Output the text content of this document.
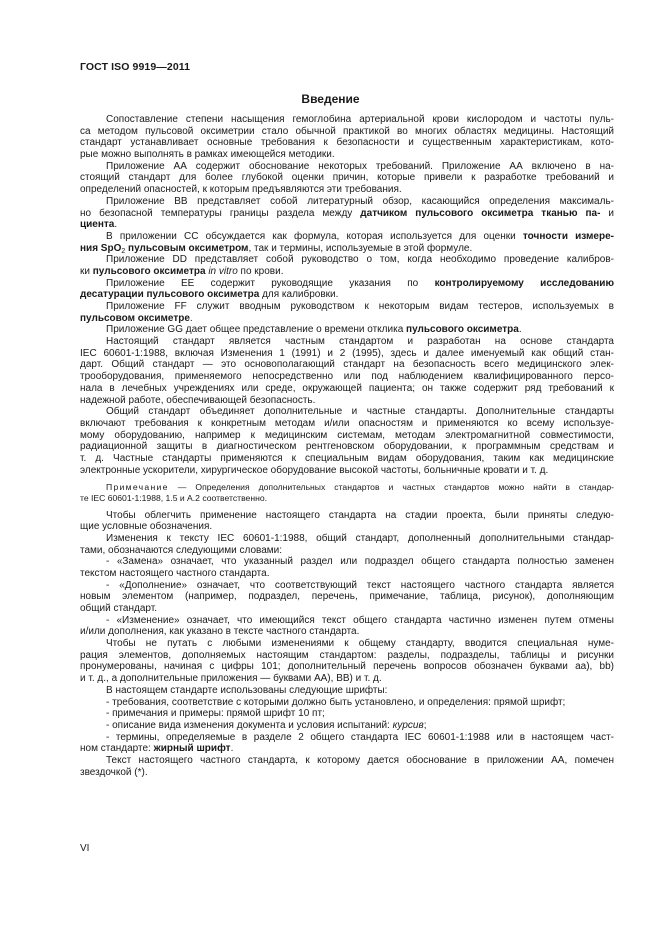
ГОСТ ISO 9919—2011
Введение
Сопоставление степени насыщения гемоглобина артериальной крови кислородом и частоты пуль-
са методом пульсовой оксиметрии стало обычной практикой во многих областях медицины. Настоящий
стандарт устанавливает основные требования к безопасности и существенным характеристикам, кото-
рые можно выполнять в рамках имеющейся методики.
Приложение АА содержит обоснование некоторых требований. Приложение АА включено в на-
стоящий стандарт для более глубокой оценки причин, которые привели к разработке требований и
определений опасностей, к которым предъявляются эти требования.
Приложение ВВ представляет собой литературный обзор, касающийся определения максималь-
но безопасной температуры границы раздела между датчиком пульсового оксиметра тканью па- и
циента.
В приложении СС обсуждается как формула, которая используется для оценки точности измере-
ния SpO$_2$ пульсовым оксиметром, так и термины, используемые в этой формуле.
Приложение DD представляет собой руководство о том, когда необходимо проведение калибров-
ки пульсового оксиметра in vitro по крови.
Приложение ЕЕ содержит руководящие указания по контролируемому исследованию
десатурации пульсового оксиметра для калибровки.
Приложение FF служит вводным руководством к некоторым видам тестеров, используемых в
пульсовом оксиметре.
Приложение GG дает общее представление о времени отклика пульсового оксиметра.
Настоящий стандарт является частным стандартом и разработан на основе стандарта
IEC 60601-1:1988, включая Изменения 1 (1991) и 2 (1995), здесь и далее именуемый как общий стан-
дарт. Общий стандарт — это основополагающий стандарт на безопасность всего медицинского элек-
трооборудования, применяемого непосредственно или под наблюдением квалифицированного персо-
нала в лечебных учреждениях или среде, окружающей пациента; он также содержит ряд требований к
надежной работе, обеспечивающей безопасность.
Общий стандарт объединяет дополнительные и частные стандарты. Дополнительные стандарты
включают требования к конкретным методам и/или опасностям и применяются ко всему используе-
мому оборудованию, например к медицинским системам, методам электромагнитной совместимости,
радиационной защиты в диагностическом рентгеновском оборудовании, к программным средствам и
т. д. Частные стандарты применяются к специальным видам оборудования, таким как медицинские
электронные ускорители, хирургическое оборудование высокой частоты, больничные кровати и т. д.
Примечание — Определения дополнительных стандартов и частных стандартов можно найти в стандар-
те IEC 60601-1:1988, 1.5 и А.2 соответственно.
Чтобы облегчить применение настоящего стандарта на стадии проекта, были приняты следую-
щие условные обозначения.
Изменения к тексту IEC 60601-1:1988, общий стандарт, дополненный дополнительными стандар-
тами, обозначаются следующими словами:
- «Замена» означает, что указанный раздел или подраздел общего стандарта полностью заменен
текстом настоящего частного стандарта.
- «Дополнение» означает, что соответствующий текст настоящего частного стандарта является
новым элементом (например, подраздел, перечень, примечание, таблица, рисунок), дополняющим
общий стандарт.
- «Изменение» означает, что имеющийся текст общего стандарта частично изменен путем отмены
и/или дополнения, как указано в тексте частного стандарта.
Чтобы не путать с любыми изменениями к общему стандарту, вводится специальная нуме-
рация элементов, дополняемых настоящим стандартом: разделы, подразделы, таблицы и рисунки
пронумерованы, начиная с цифры 101; дополнительный перечень вопросов обозначен буквами аа), bb)
и т. д., а дополнительные приложения — буквами АА), ВВ) и т. д.
В настоящем стандарте использованы следующие шрифты:
- требования, соответствие с которыми должно быть установлено, и определения: прямой шрифт;
- примечания и примеры: прямой шрифт 10 пт;
- описание вида изменения документа и условия испытаний: курсив;
- термины, определяемые в разделе 2 общего стандарта IEC 60601-1:1988 или в настоящем част-
ном стандарте: жирный шрифт.
Текст настоящего частного стандарта, к которому дается обоснование в приложении АА, помечен
звездочкой (*).
VI
